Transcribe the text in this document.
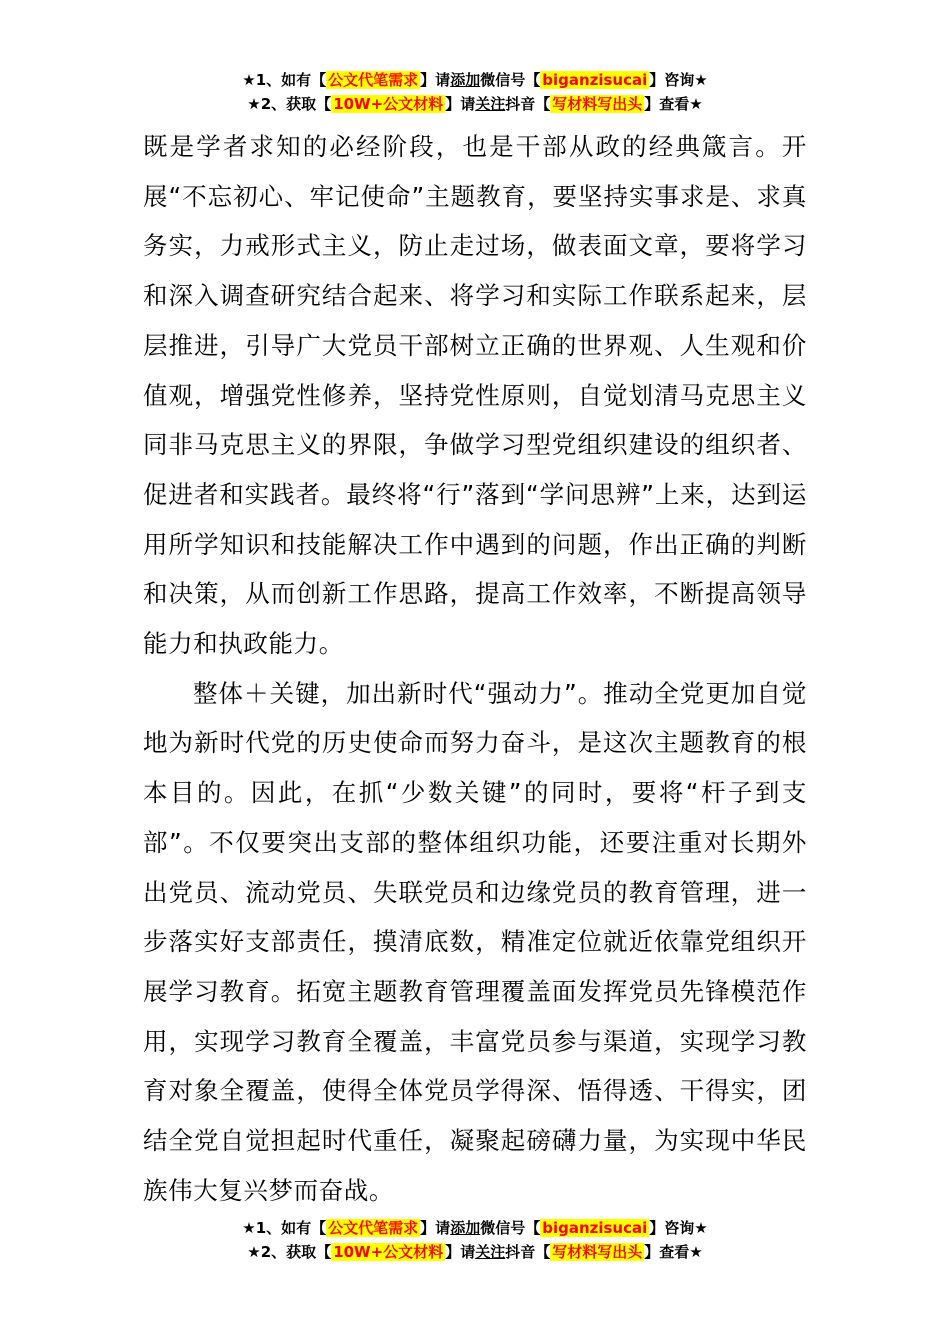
★1、如有【 公文代笔需求 】请添加微信号【 biganzisucai 】咨询★
★2、获取【 10W+公文材料 】请关注抖音【 写材料写出头 】查看★

既是学者求知的必经阶段，也是干部从政的经典箴言。开展“不忘初心、牢记使命”主题教育，要坚持实事求是、求真务实，力戒形式主义，防止走过场，做表面文章，要将学习和深入调查研究结合起来、将学习和实际工作联系起来，层层推进，引导广大党员干部树立正确的世界观、人生观和价值观，增强党性修养，坚持党性原则，自觉划清马克思主义同非马克思主义的界限，争做学习型党组织建设的组织者、促进者和实践者。最终将“行”落到“学问思辨”上来，达到运用所学知识和技能解决工作中遇到的问题，作出正确的判断和决策，从而创新工作思路，提高工作效率，不断提高领导能力和执政能力。

整体＋关键，加出新时代“强动力”。推动全党更加自觉地为新时代党的历史使命而努力奋斗，是这次主题教育的根本目的。因此，在抓“少数关键”的同时，要将“杆子到支部”。不仅要突出支部的整体组织功能，还要注重对长期外出党员、流动党员、失联党员和边缘党员的教育管理，进一步落实好支部责任，摸清底数，精准定位就近依靠党组织开展学习教育。拓宽主题教育管理覆盖面发挥党员先锋模范作用，实现学习教育全覆盖，丰富党员参与渠道，实现学习教育对象全覆盖，使得全体党员学得深、悟得透、干得实，团结全党自觉担起时代重任，凝聚起磅礴力量，为实现中华民族伟大复兴梦而奋战。

★1、如有【 公文代笔需求 】请添加微信号【 biganzisucai 】咨询★
★2、获取【 10W+公文材料 】请关注抖音【 写材料写出头 】查看★
